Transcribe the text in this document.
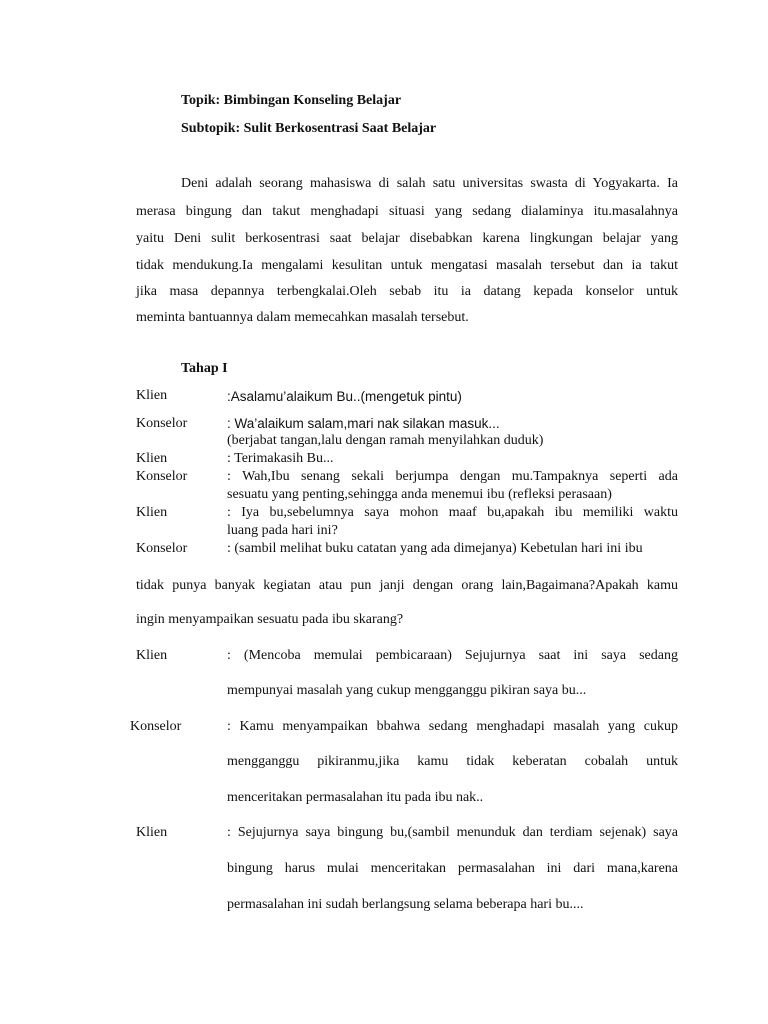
Topik: Bimbingan Konseling Belajar
Subtopik: Sulit Berkosentrasi Saat Belajar
Deni adalah seorang mahasiswa di salah satu universitas swasta di Yogyakarta. Ia
merasa bingung dan takut menghadapi situasi yang sedang dialaminya itu.masalahnya
yaitu Deni sulit berkosentrasi saat belajar disebabkan karena lingkungan belajar yang
tidak mendukung.Ia mengalami kesulitan untuk mengatasi masalah tersebut dan ia takut
jika masa depannya terbengkalai.Oleh sebab itu ia datang kepada konselor untuk
meminta bantuannya dalam memecahkan masalah tersebut.
Tahap I
Klien	:Asalamu’alaikum Bu..(mengetuk pintu)
Konselor	: Wa’alaikum salam,mari nak silakan masuk...
(berjabat tangan,lalu dengan ramah menyilahkan duduk)
Klien	: Terimakasih Bu...
Konselor	: Wah,Ibu senang sekali berjumpa dengan mu.Tampaknya seperti ada
sesuatu yang penting,sehingga anda menemui ibu (refleksi perasaan)
Klien	: Iya bu,sebelumnya saya mohon maaf bu,apakah ibu memiliki waktu
luang pada hari ini?
Konselor	: (sambil melihat buku catatan yang ada dimejanya) Kebetulan hari ini ibu
tidak punya banyak kegiatan atau pun janji dengan orang lain,Bagaimana?Apakah kamu
ingin menyampaikan sesuatu pada ibu skarang?
Klien	: (Mencoba memulai pembicaraan) Sejujurnya saat ini saya sedang
mempunyai masalah yang cukup mengganggu pikiran saya bu...
Konselor	: Kamu menyampaikan bbahwa sedang menghadapi masalah yang cukup
mengganggu pikiranmu,jika kamu tidak keberatan cobalah untuk
menceritakan permasalahan itu pada ibu nak..
Klien	: Sejujurnya saya bingung bu,(sambil menunduk dan terdiam sejenak) saya
bingung harus mulai menceritakan permasalahan ini dari mana,karena
permasalahan ini sudah berlangsung selama beberapa hari bu....
